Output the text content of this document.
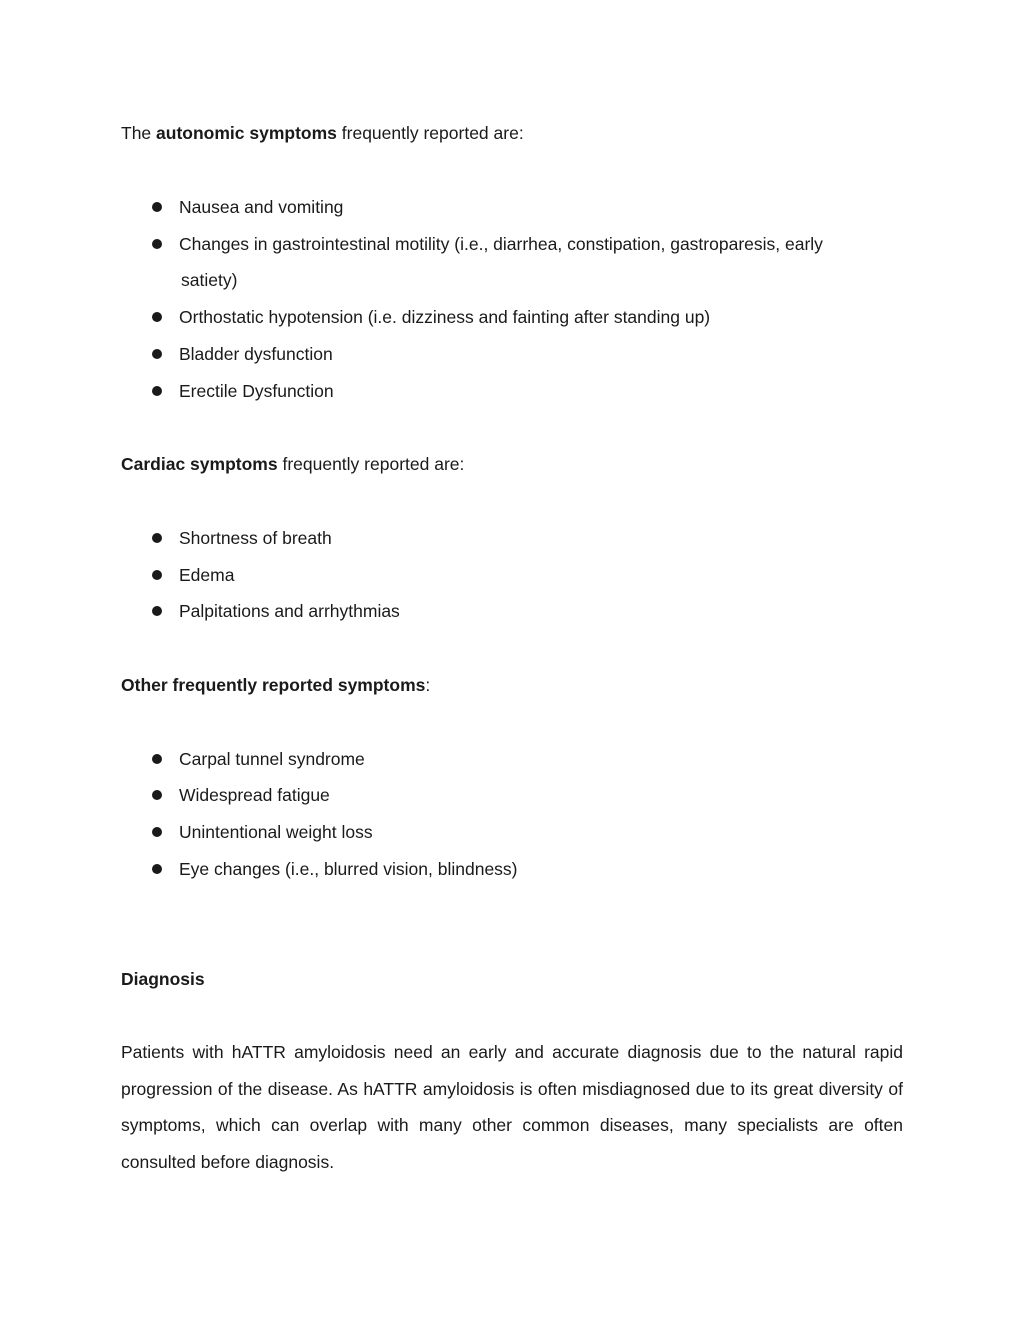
The autonomic symptoms frequently reported are:
Nausea and vomiting
Changes in gastrointestinal motility (i.e., diarrhea, constipation, gastroparesis, early
satiety)
Orthostatic hypotension (i.e. dizziness and fainting after standing up)
Bladder dysfunction
Erectile Dysfunction
Cardiac symptoms frequently reported are:
Shortness of breath
Edema
Palpitations and arrhythmias
Other frequently reported symptoms:
Carpal tunnel syndrome
Widespread fatigue
Unintentional weight loss
Eye changes (i.e., blurred vision, blindness)
Diagnosis
Patients with hATTR amyloidosis need an early and accurate diagnosis due to the natural rapid progression of the disease. As hATTR amyloidosis is often misdiagnosed due to its great diversity of symptoms, which can overlap with many other common diseases, many specialists are often consulted before diagnosis.
